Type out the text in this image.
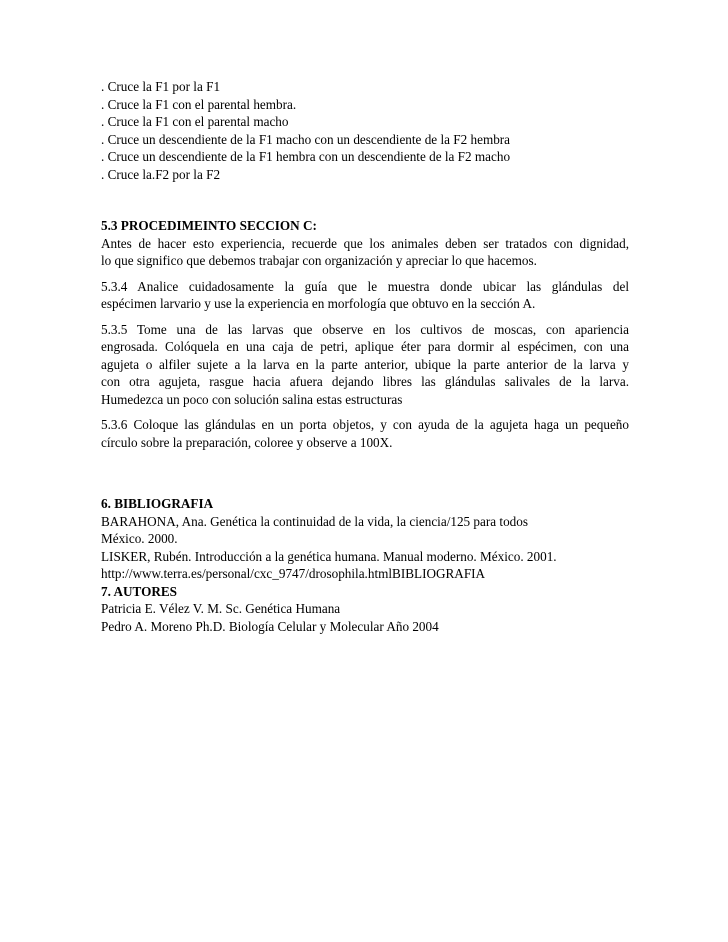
. Cruce la F1 por la F1
. Cruce la F1 con el parental hembra.
. Cruce la F1 con el parental macho
. Cruce un descendiente de la F1 macho con un descendiente de la F2 hembra
. Cruce un descendiente de la F1 hembra con un descendiente de la F2 macho
. Cruce la.F2 por la F2
5.3 PROCEDIMEINTO SECCION C:

Antes de hacer esto experiencia, recuerde que los animales deben ser tratados con dignidad,
lo que significo que debemos trabajar con organización y apreciar lo que hacemos.

5.3.4 Analice cuidadosamente la guía que le muestra donde ubicar las glándulas del
espécimen larvario y use la experiencia en morfología que obtuvo en la sección A.

5.3.5 Tome una de las larvas que observe en los cultivos de moscas, con apariencia
engrosada. Colóquela en una caja de petri, aplique éter para dormir al espécimen, con una
agujeta o alfiler sujete a la larva en la parte anterior, ubique la parte anterior de la larva y
con otra agujeta, rasgue hacia afuera dejando libres las glándulas salivales de la larva.
Humedezca un poco con solución salina estas estructuras

5.3.6 Coloque las glándulas en un porta objetos, y con ayuda de la agujeta haga un pequeño
círculo sobre la preparación, coloree y observe a 100X.

6. BIBLIOGRAFIA
BARAHONA, Ana. Genética la continuidad de la vida, la ciencia/125 para todos
México. 2000.
LISKER, Rubén. Introducción a la genética humana. Manual moderno. México. 2001.
http://www.terra.es/personal/cxc_9747/drosophila.htmlBIBLIOGRAFIA
7. AUTORES
Patricia E. Vélez V. M. Sc. Genética Humana
Pedro A. Moreno Ph.D. Biología Celular y Molecular Año 2004
